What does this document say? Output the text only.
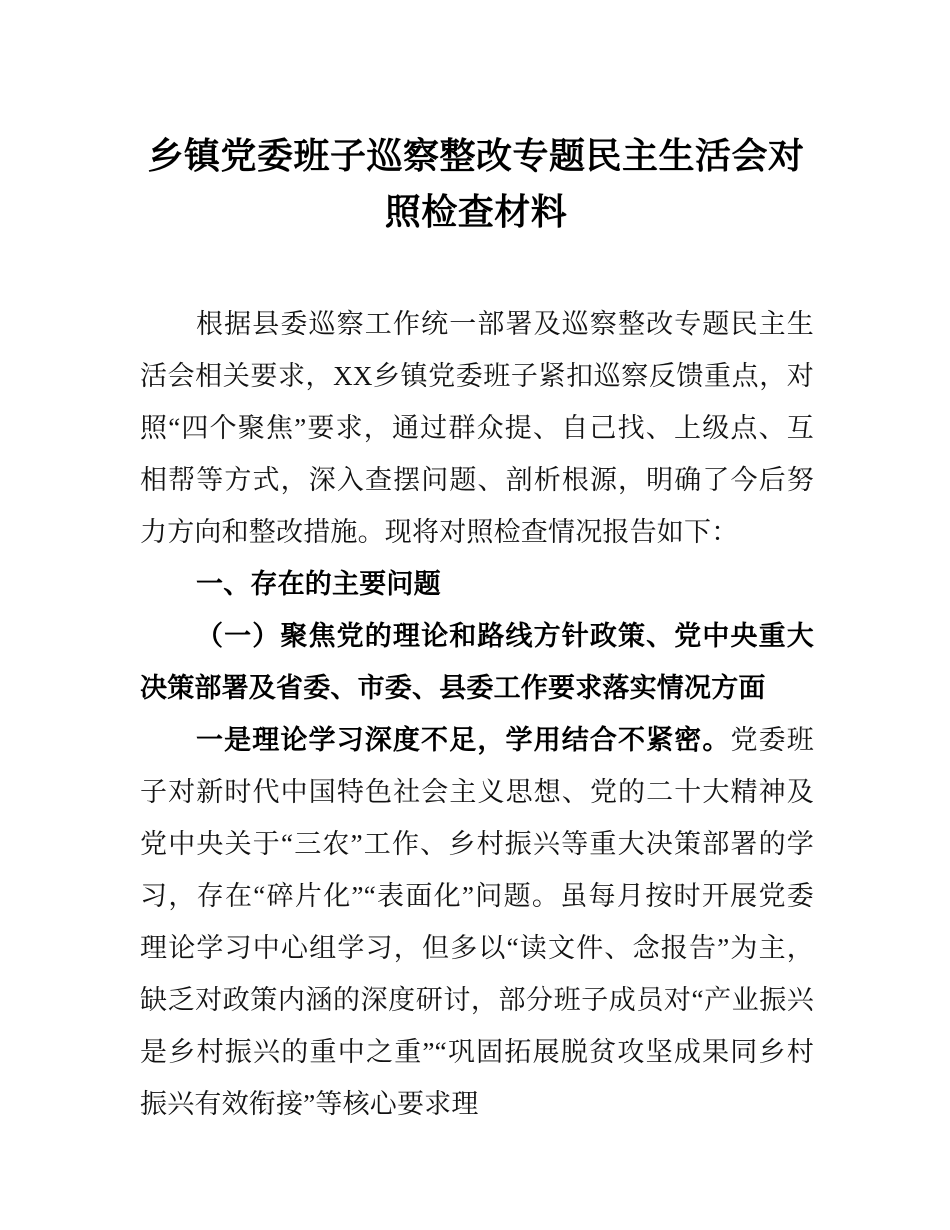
乡镇党委班子巡察整改专题民主生活会对照检查材料

根据县委巡察工作统一部署及巡察整改专题民主生活会相关要求，XX乡镇党委班子紧扣巡察反馈重点，对照“四个聚焦”要求，通过群众提、自己找、上级点、互相帮等方式，深入查摆问题、剖析根源，明确了今后努力方向和整改措施。现将对照检查情况报告如下：

一、存在的主要问题

（一）聚焦党的理论和路线方针政策、党中央重大决策部署及省委、市委、县委工作要求落实情况方面

一是理论学习深度不足，学用结合不紧密。党委班子对新时代中国特色社会主义思想、党的二十大精神及党中央关于“三农”工作、乡村振兴等重大决策部署的学习，存在“碎片化”“表面化”问题。虽每月按时开展党委理论学习中心组学习，但多以“读文件、念报告”为主，缺乏对政策内涵的深度研讨，部分班子成员对“产业振兴是乡村振兴的重中之重”“巩固拓展脱贫攻坚成果同乡村振兴有效衔接”等核心要求理
